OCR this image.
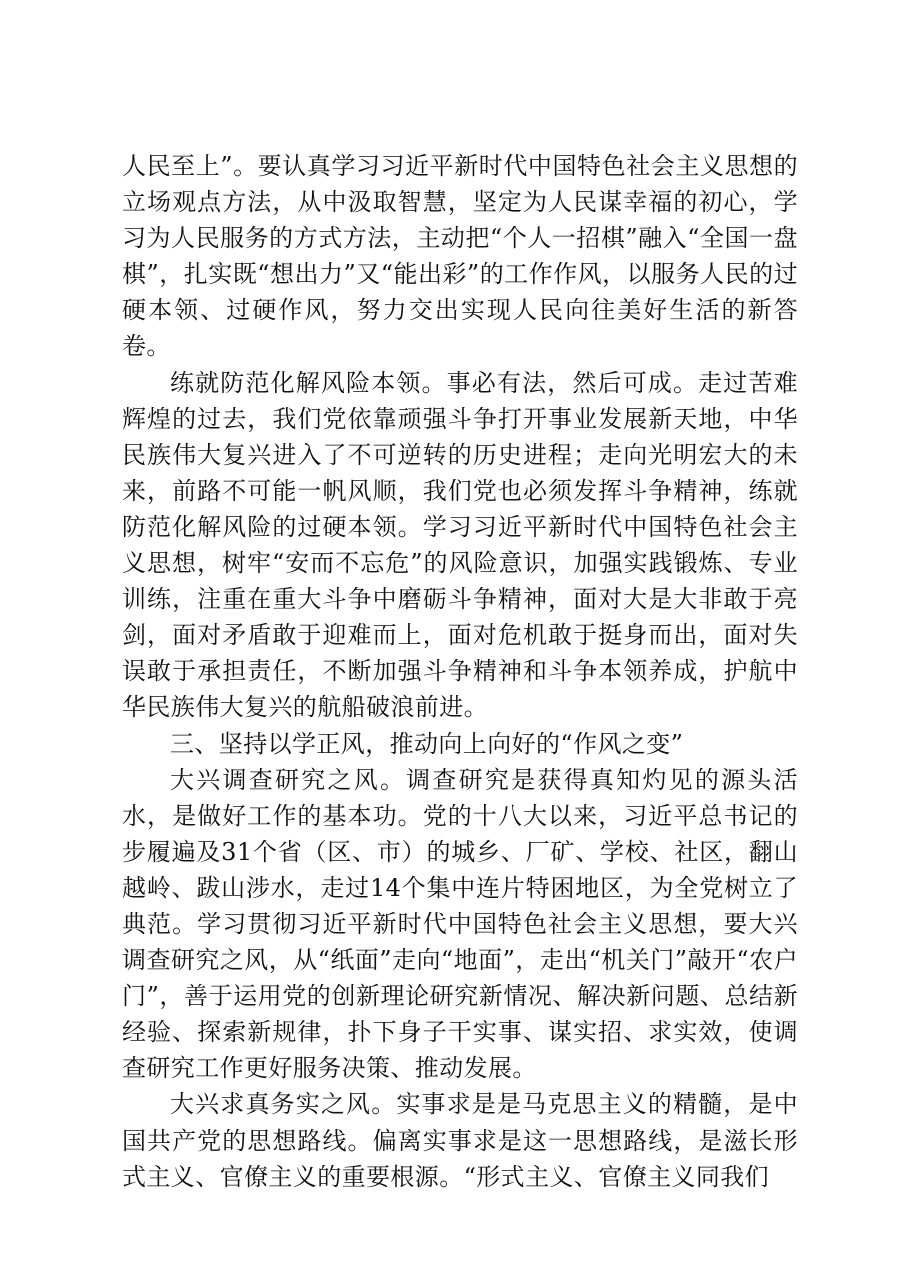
人民至上”。要认真学习习近平新时代中国特色社会主义思想的立场观点方法，从中汲取智慧，坚定为人民谋幸福的初心，学习为人民服务的方式方法，主动把“个人一招棋”融入“全国一盘棋”，扎实既“想出力”又“能出彩”的工作作风，以服务人民的过硬本领、过硬作风，努力交出实现人民向往美好生活的新答卷。

练就防范化解风险本领。事必有法，然后可成。走过苦难辉煌的过去，我们党依靠顽强斗争打开事业发展新天地，中华民族伟大复兴进入了不可逆转的历史进程；走向光明宏大的未来，前路不可能一帆风顺，我们党也必须发挥斗争精神，练就防范化解风险的过硬本领。学习习近平新时代中国特色社会主义思想，树牢“安而不忘危”的风险意识，加强实践锻炼、专业训练，注重在重大斗争中磨砺斗争精神，面对大是大非敢于亮剑，面对矛盾敢于迎难而上，面对危机敢于挺身而出，面对失误敢于承担责任，不断加强斗争精神和斗争本领养成，护航中华民族伟大复兴的航船破浪前进。

三、坚持以学正风，推动向上向好的“作风之变”

大兴调查研究之风。调查研究是获得真知灼见的源头活水，是做好工作的基本功。党的十八大以来，习近平总书记的步履遍及31个省（区、市）的城乡、厂矿、学校、社区，翻山越岭、跋山涉水，走过14个集中连片特困地区，为全党树立了典范。学习贯彻习近平新时代中国特色社会主义思想，要大兴调查研究之风，从“纸面”走向“地面”，走出“机关门”敲开“农户门”，善于运用党的创新理论研究新情况、解决新问题、总结新经验、探索新规律，扑下身子干实事、谋实招、求实效，使调查研究工作更好服务决策、推动发展。

大兴求真务实之风。实事求是是马克思主义的精髓，是中国共产党的思想路线。偏离实事求是这一思想路线，是滋长形式主义、官僚主义的重要根源。“形式主义、官僚主义同我们
